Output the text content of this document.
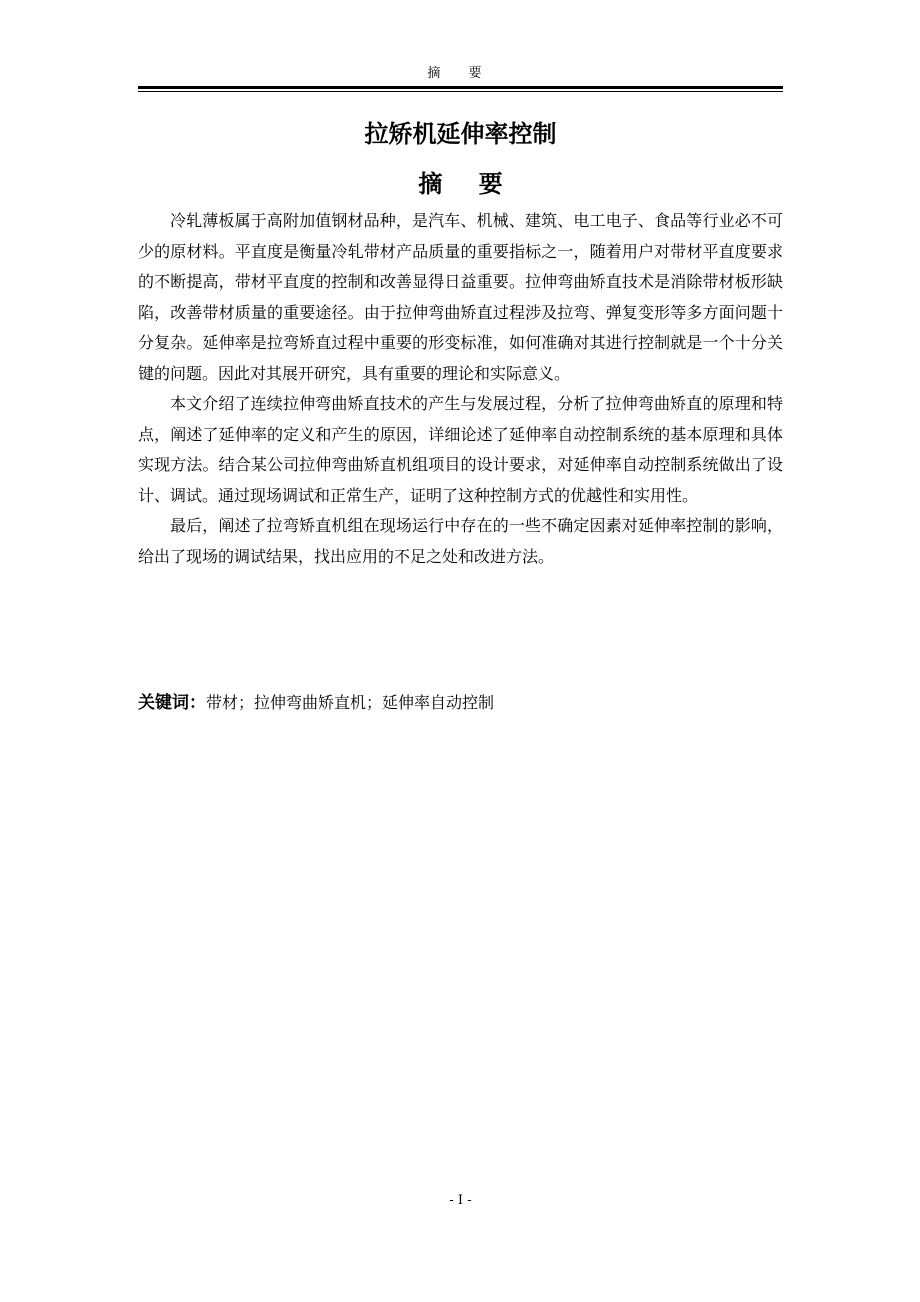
摘 要
拉矫机延伸率控制
摘 要

冷轧薄板属于高附加值钢材品种，是汽车、机械、建筑、电工电子、食品等行业必不可少的原材料。平直度是衡量冷轧带材产品质量的重要指标之一，随着用户对带材平直度要求的不断提高，带材平直度的控制和改善显得日益重要。拉伸弯曲矫直技术是消除带材板形缺陷，改善带材质量的重要途径。由于拉伸弯曲矫直过程涉及拉弯、弹复变形等多方面问题十分复杂。延伸率是拉弯矫直过程中重要的形变标准，如何准确对其进行控制就是一个十分关键的问题。因此对其展开研究，具有重要的理论和实际意义。

本文介绍了连续拉伸弯曲矫直技术的产生与发展过程，分析了拉伸弯曲矫直的原理和特点，阐述了延伸率的定义和产生的原因，详细论述了延伸率自动控制系统的基本原理和具体实现方法。结合某公司拉伸弯曲矫直机组项目的设计要求，对延伸率自动控制系统做出了设计、调试。通过现场调试和正常生产，证明了这种控制方式的优越性和实用性。

最后，阐述了拉弯矫直机组在现场运行中存在的一些不确定因素对延伸率控制的影响，给出了现场的调试结果，找出应用的不足之处和改进方法。

关键词：带材；拉伸弯曲矫直机；延伸率自动控制
- I -
